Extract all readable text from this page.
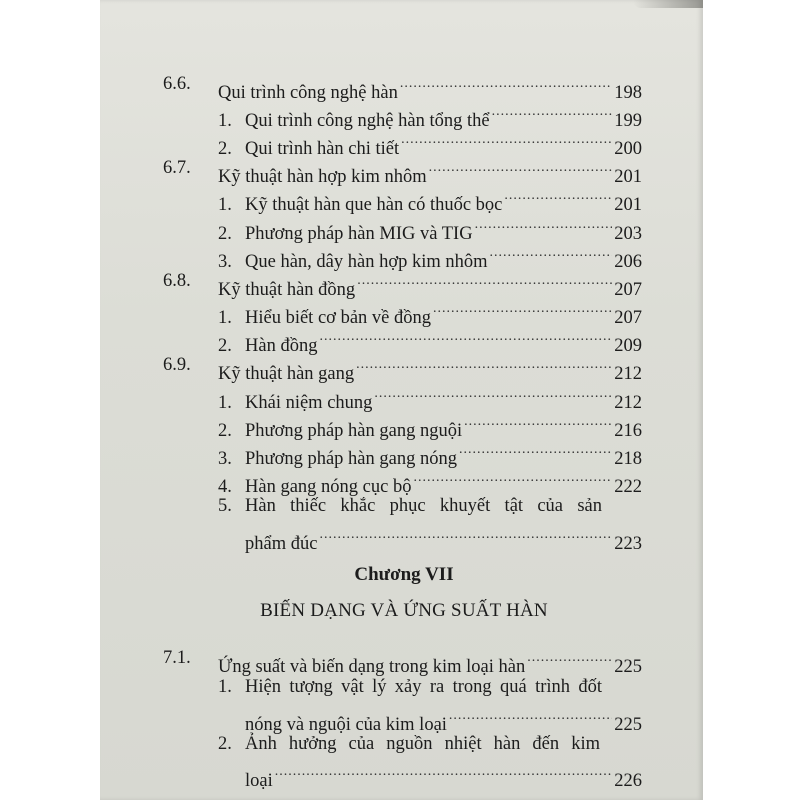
6.6. Qui trình công nghệ hàn .....	198
1. Qui trình công nghệ hàn tổng thể .....	199
2. Qui trình hàn chi tiết .....	200
6.7. Kỹ thuật hàn hợp kim nhôm .....	201
1. Kỹ thuật hàn que hàn có thuốc bọc .....	201
2. Phương pháp hàn MIG và TIG .....	203
3. Que hàn, dây hàn hợp kim nhôm .....	206
6.8. Kỹ thuật hàn đồng .....	207
1. Hiểu biết cơ bản về đồng .....	207
2. Hàn đồng .....	209
6.9. Kỹ thuật hàn gang .....	212
1. Khái niệm chung .....	212
2. Phương pháp hàn gang nguội .....	216
3. Phương pháp hàn gang nóng .....	218
4. Hàn gang nóng cục bộ .....	222
5. Hàn thiếc khắc phục khuyết tật của sản
phẩm đúc .....	223
Chương VII
BIẾN DẠNG VÀ ỨNG SUẤT HÀN
7.1. Ứng suất và biến dạng trong kim loại hàn .....	225
1. Hiện tượng vật lý xảy ra trong quá trình đốt
nóng và nguội của kim loại .....	225
2. Ảnh hưởng của nguồn nhiệt hàn đến kim
loại .....	226
